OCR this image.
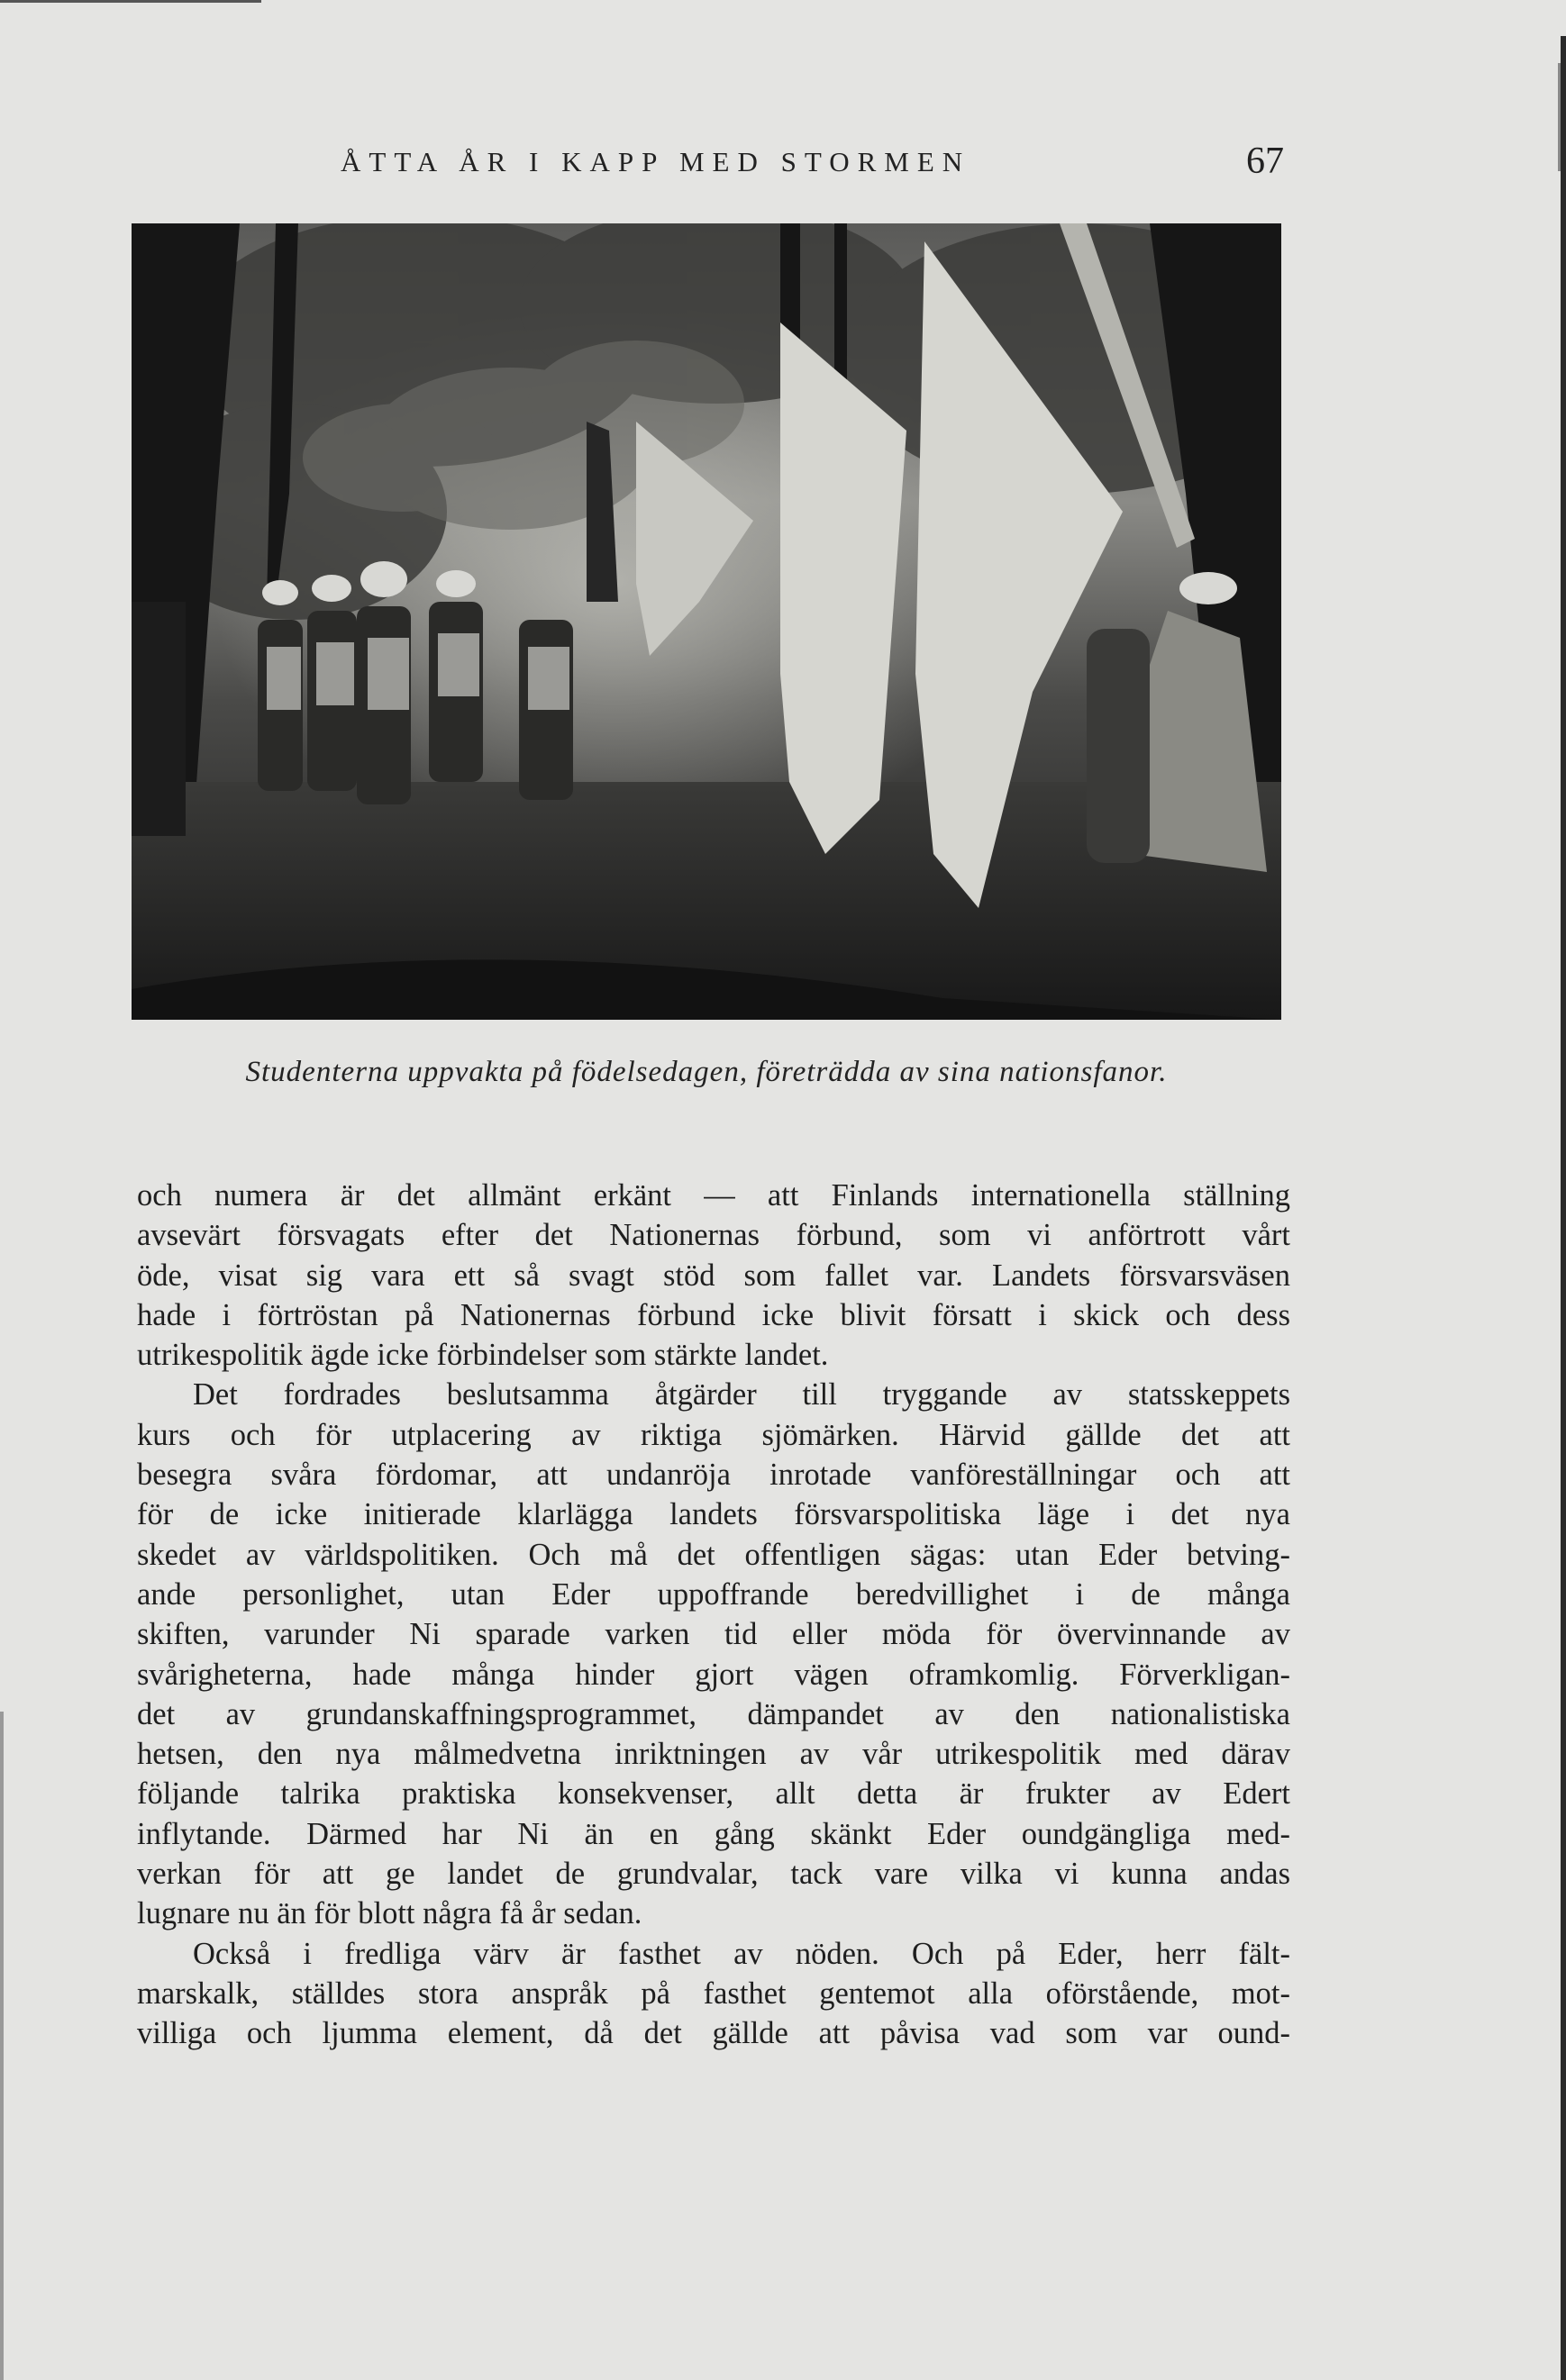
ÅTTA ÅR I KAPP MED STORMEN	67
Studenterna uppvakta på födelsedagen, företrädda av sina nationsfanor.
och numera är det allmänt erkänt — att Finlands internationella ställning
avsevärt försvagats efter det Nationernas förbund, som vi anförtrott vårt
öde, visat sig vara ett så svagt stöd som fallet var. Landets försvarsväsen
hade i förtröstan på Nationernas förbund icke blivit försatt i skick och dess
utrikespolitik ägde icke förbindelser som stärkte landet.
Det fordrades beslutsamma åtgärder till tryggande av statsskeppets
kurs och för utplacering av riktiga sjömärken. Härvid gällde det att
besegra svåra fördomar, att undanröja inrotade vanföreställningar och att
för de icke initierade klarlägga landets försvarspolitiska läge i det nya
skedet av världspolitiken. Och må det offentligen sägas: utan Eder betving-
ande personlighet, utan Eder uppoffrande beredvillighet i de många
skiften, varunder Ni sparade varken tid eller möda för övervinnande av
svårigheterna, hade många hinder gjort vägen oframkomlig. Förverkligan-
det av grundanskaffningsprogrammet, dämpandet av den nationalistiska
hetsen, den nya målmedvetna inriktningen av vår utrikespolitik med därav
följande talrika praktiska konsekvenser, allt detta är frukter av Edert
inflytande. Därmed har Ni än en gång skänkt Eder oundgängliga med-
verkan för att ge landet de grundvalar, tack vare vilka vi kunna andas
lugnare nu än för blott några få år sedan.
Också i fredliga värv är fasthet av nöden. Och på Eder, herr fält-
marskalk, ställdes stora anspråk på fasthet gentemot alla oförstående, mot-
villiga och ljumma element, då det gällde att påvisa vad som var ound-
